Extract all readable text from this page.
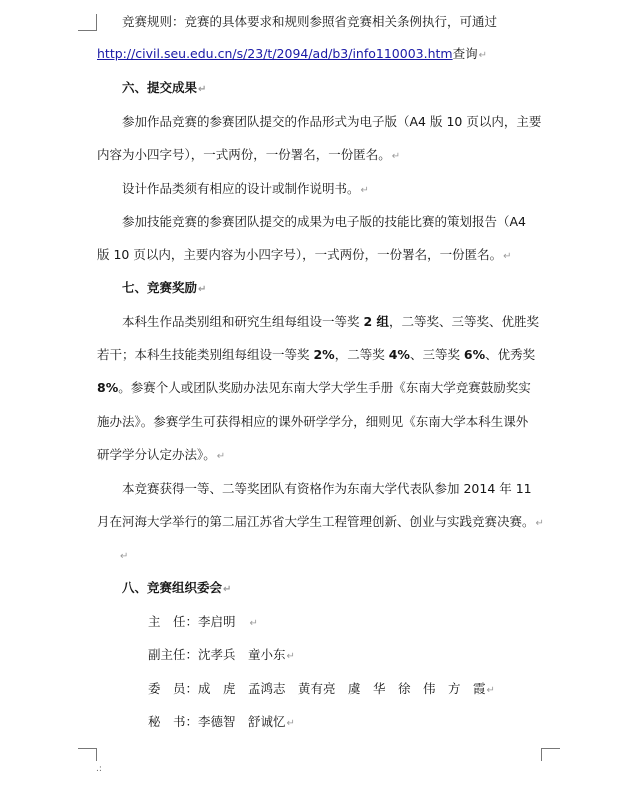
竞赛规则：竞赛的具体要求和规则参照省竞赛相关条例执行，可通过
http://civil.seu.edu.cn/s/23/t/2094/ad/b3/info110003.htm查询↵
六、提交成果↵
参加作品竞赛的参赛团队提交的作品形式为电子版（A4 版 10 页以内，主要
内容为小四字号），一式两份，一份署名，一份匿名。↵
设计作品类须有相应的设计或制作说明书。↵
参加技能竞赛的参赛团队提交的成果为电子版的技能比赛的策划报告（A4
版 10 页以内，主要内容为小四字号），一式两份，一份署名，一份匿名。↵
七、竞赛奖励↵
本科生作品类别组和研究生组每组设一等奖 2 组，二等奖、三等奖、优胜奖
若干；本科生技能类别组每组设一等奖 2%，二等奖 4%、三等奖 6%、优秀奖
8%。参赛个人或团队奖励办法见东南大学大学生手册《东南大学竞赛鼓励奖实
施办法》。参赛学生可获得相应的课外研学学分，细则见《东南大学本科生课外
研学学分认定办法》。↵
本竞赛获得一等、二等奖团队有资格作为东南大学代表队参加 2014 年 11
月在河海大学举行的第二届江苏省大学生工程管理创新、创业与实践竞赛决赛。↵
↵
八、竞赛组织委会↵
主　任：李启明 ↵
副主任：沈孝兵　童小东↵
委　员：成　虎　孟鸿志　黄有亮　虞　华　徐　伟　方　霞↵
秘　书：李德智　舒诚忆↵
.:
